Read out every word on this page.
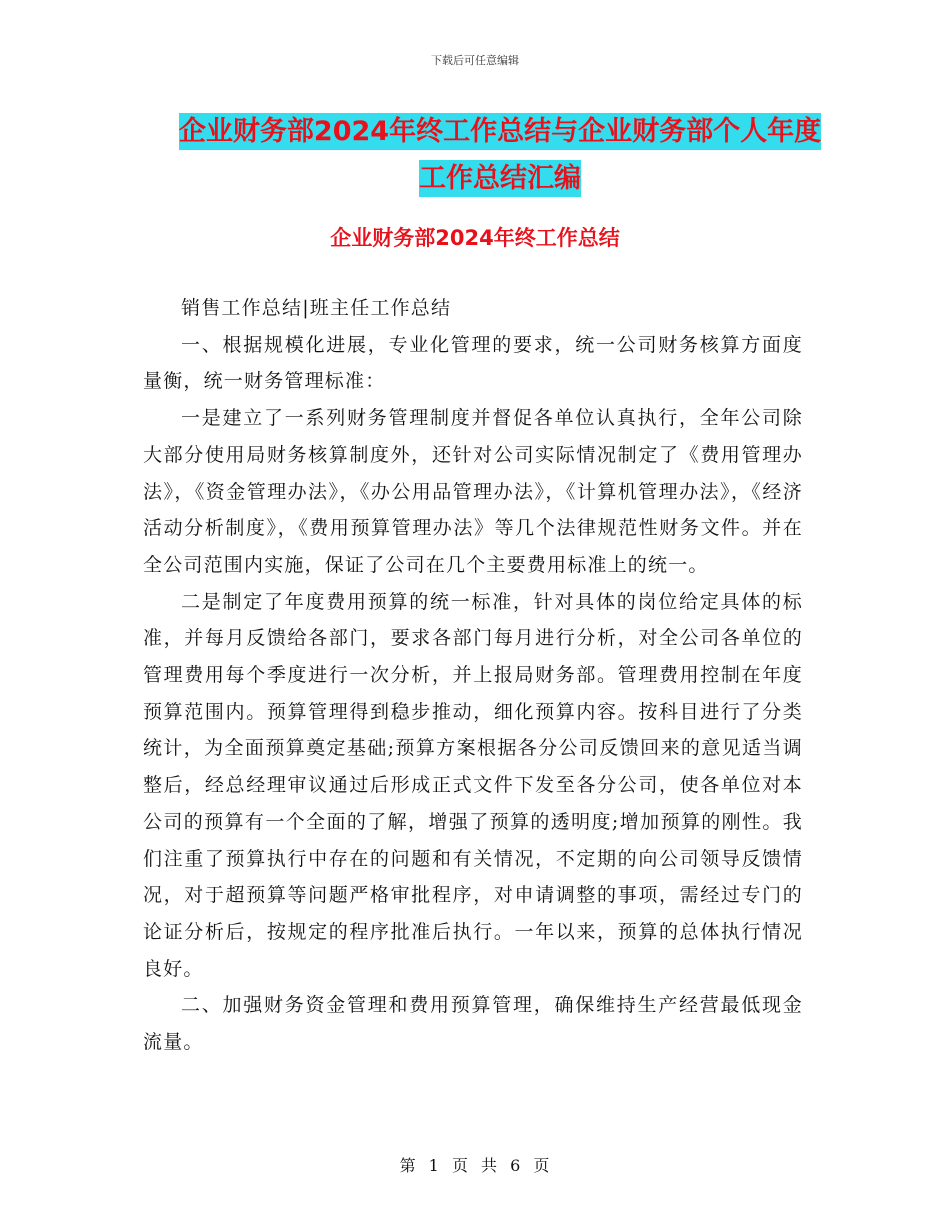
下载后可任意编辑
企业财务部2024年终工作总结与企业财务部个人年度
工作总结汇编
企业财务部2024年终工作总结

销售工作总结|班主任工作总结

一、根据规模化进展，专业化管理的要求，统一公司财务核算方面度量衡，统一财务管理标准：

一是建立了一系列财务管理制度并督促各单位认真执行，全年公司除大部分使用局财务核算制度外，还针对公司实际情况制定了《费用管理办法》，《资金管理办法》，《办公用品管理办法》，《计算机管理办法》，《经济活动分析制度》，《费用预算管理办法》等几个法律规范性财务文件。并在全公司范围内实施，保证了公司在几个主要费用标准上的统一。

二是制定了年度费用预算的统一标准，针对具体的岗位给定具体的标准，并每月反馈给各部门，要求各部门每月进行分析，对全公司各单位的管理费用每个季度进行一次分析，并上报局财务部。管理费用控制在年度预算范围内。预算管理得到稳步推动，细化预算内容。按科目进行了分类统计，为全面预算奠定基础;预算方案根据各分公司反馈回来的意见适当调整后，经总经理审议通过后形成正式文件下发至各分公司，使各单位对本公司的预算有一个全面的了解，增强了预算的透明度;增加预算的刚性。我们注重了预算执行中存在的问题和有关情况，不定期的向公司领导反馈情况，对于超预算等问题严格审批程序，对申请调整的事项，需经过专门的论证分析后，按规定的程序批准后执行。一年以来，预算的总体执行情况良好。

二、加强财务资金管理和费用预算管理，确保维持生产经营最低现金流量。

第 1 页 共 6 页
